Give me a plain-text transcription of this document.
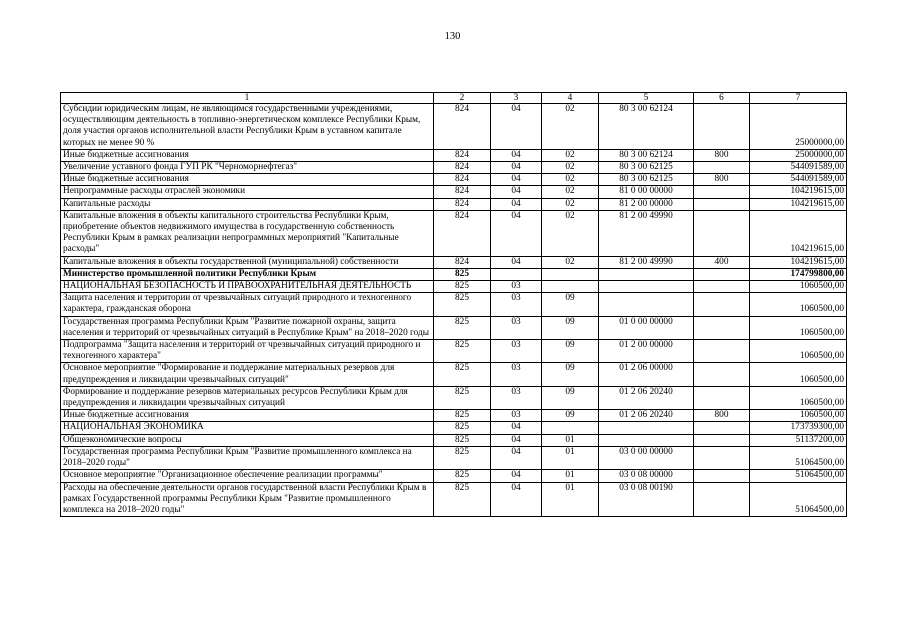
130
1	2	3	4	5	6	7
Субсидии юридическим лицам, не являющимся государственными учреждениями, осуществляющим деятельность в топливно-энергетическом комплексе Республики Крым, доля участия органов исполнительной власти Республики Крым в уставном капитале которых не менее 90 %	824	04	02	80 3 00 62124		25000000,00
Иные бюджетные ассигнования	824	04	02	80 3 00 62124	800	25000000,00
Увеличение уставного фонда ГУП РК "Черноморнефтегаз"	824	04	02	80 3 00 62125		544091589,00
Иные бюджетные ассигнования	824	04	02	80 3 00 62125	800	544091589,00
Непрограммные расходы отраслей экономики	824	04	02	81 0 00 00000		104219615,00
Капитальные расходы	824	04	02	81 2 00 00000		104219615,00
Капитальные вложения в объекты капитального строительства Республики Крым, приобретение объектов недвижимого имущества в государственную собственность Республики Крым в рамках реализации непрограммных мероприятий "Капитальные расходы"	824	04	02	81 2 00 49990		104219615,00
Капитальные вложения в объекты государственной (муниципальной) собственности	824	04	02	81 2 00 49990	400	104219615,00
Министерство промышленной политики Республики Крым	825					174799800,00
НАЦИОНАЛЬНАЯ БЕЗОПАСНОСТЬ И ПРАВООХРАНИТЕЛЬНАЯ ДЕЯТЕЛЬНОСТЬ	825	03				1060500,00
Защита населения и территории от чрезвычайных ситуаций природного и техногенного характера, гражданская оборона	825	03	09			1060500,00
Государственная программа Республики Крым "Развитие пожарной охраны, защита населения и территорий от чрезвычайных ситуаций в Республике Крым" на 2018–2020 годы	825	03	09	01 0 00 00000		1060500,00
Подпрограмма "Защита населения и территорий от чрезвычайных ситуаций природного и техногенного характера"	825	03	09	01 2 00 00000		1060500,00
Основное мероприятие "Формирование и поддержание материальных резервов для предупреждения и ликвидации чрезвычайных ситуаций"	825	03	09	01 2 06 00000		1060500,00
Формирование и поддержание резервов материальных ресурсов Республики Крым для предупреждения и ликвидации чрезвычайных ситуаций	825	03	09	01 2 06 20240		1060500,00
Иные бюджетные ассигнования	825	03	09	01 2 06 20240	800	1060500,00
НАЦИОНАЛЬНАЯ ЭКОНОМИКА	825	04				173739300,00
Общеэкономические вопросы	825	04	01			51137200,00
Государственная программа Республики Крым "Развитие промышленного комплекса на 2018–2020 годы"	825	04	01	03 0 00 00000		51064500,00
Основное мероприятие "Организационное обеспечение реализации программы"	825	04	01	03 0 08 00000		51064500,00
Расходы на обеспечение деятельности органов государственной власти Республики Крым в рамках Государственной программы Республики Крым "Развитие промышленного комплекса на 2018–2020 годы"	825	04	01	03 0 08 00190		51064500,00
